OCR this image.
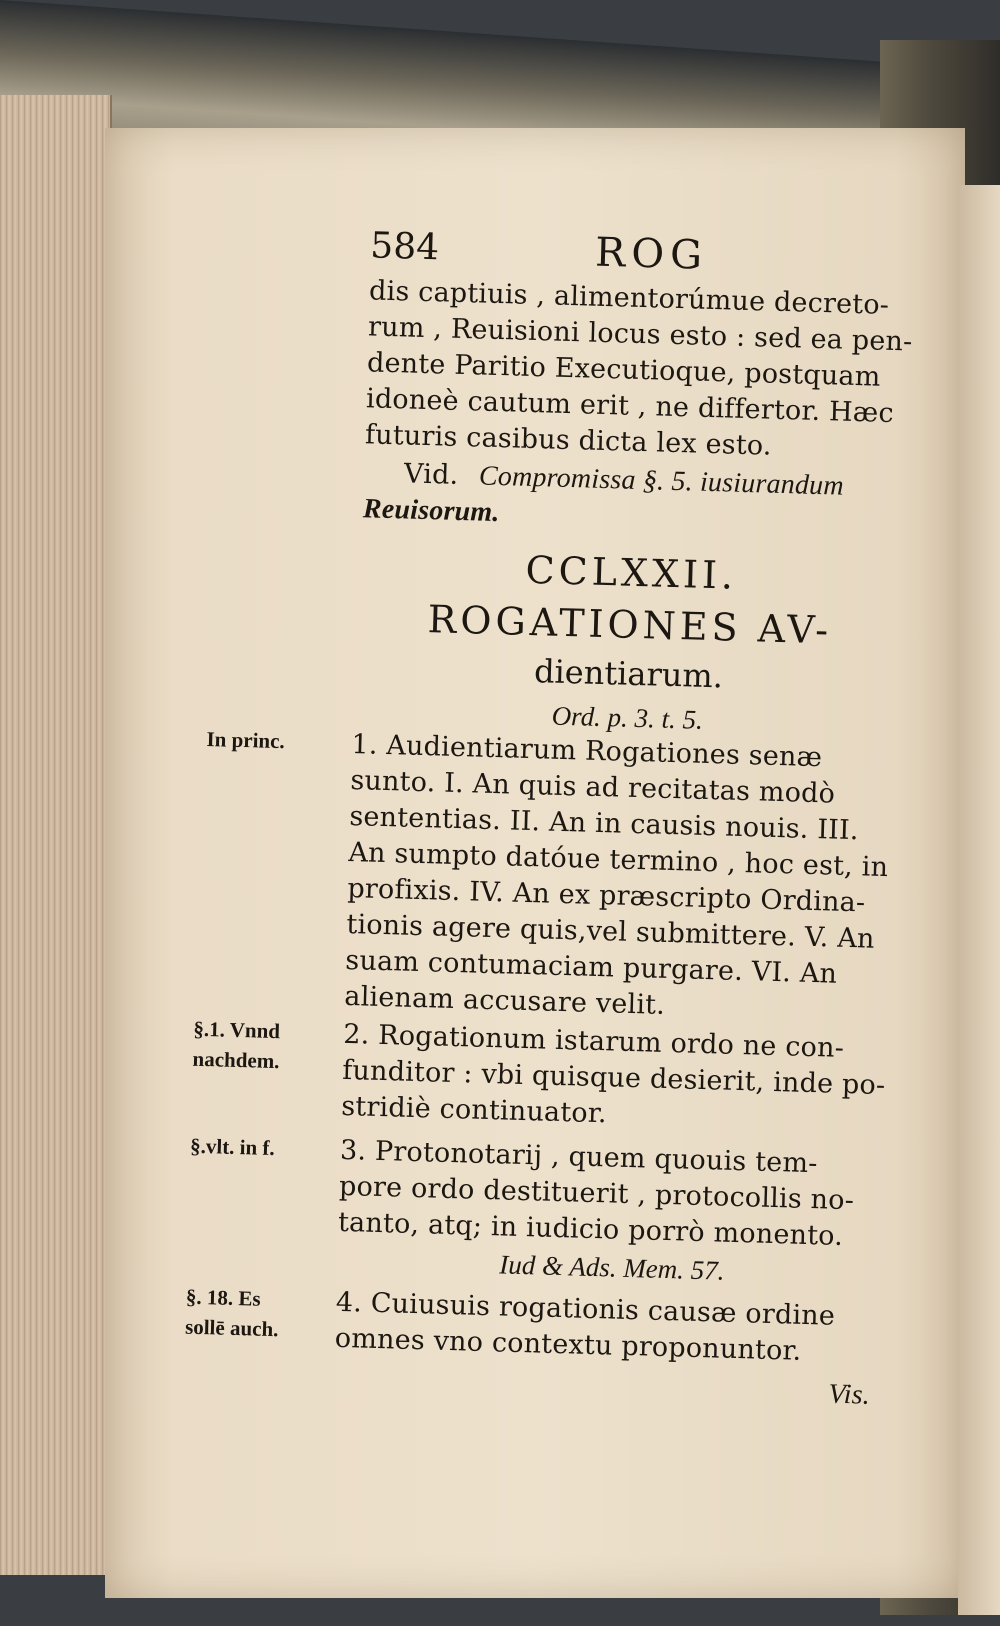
584	ROG
dis captiuis , alimentorúmue decreto-
rum , Reuisioni locus esto : sed ea pen-
dente Paritio Executioque, postquam
idoneè cautum erit , ne differtor. Hæc
futuris casibus dicta lex esto.
Vid. Compromissa §. 5. iusiurandum
Reuisorum.
CCLXXII.
ROGATIONES AV-
dientiarum.
Ord. p. 3. t. 5.
In princ. 1. Audientiarum Rogationes senæ
sunto. I. An quis ad recitatas modò
sententias. II. An in causis nouis. III.
An sumpto datóue termino , hoc est, in
profixis. IV. An ex præscripto Ordina-
tionis agere quis,vel submittere. V. An
suam contumaciam purgare. VI. An
alienam accusare velit.
§.1. Vnnd
nachdem. 2. Rogationum istarum ordo ne con-
funditor : vbi quisque desierit, inde po-
stridiè continuator.
§.vlt. in f. 3. Protonotarij , quem quouis tem-
pore ordo destituerit , protocollis no-
tanto, atq; in iudicio porrò monento.
Iud & Ads. Mem. 57.
§. 18. Es
sollē auch. 4. Cuiusuis rogationis causæ ordine
omnes vno contextu proponuntor.
Vis.
